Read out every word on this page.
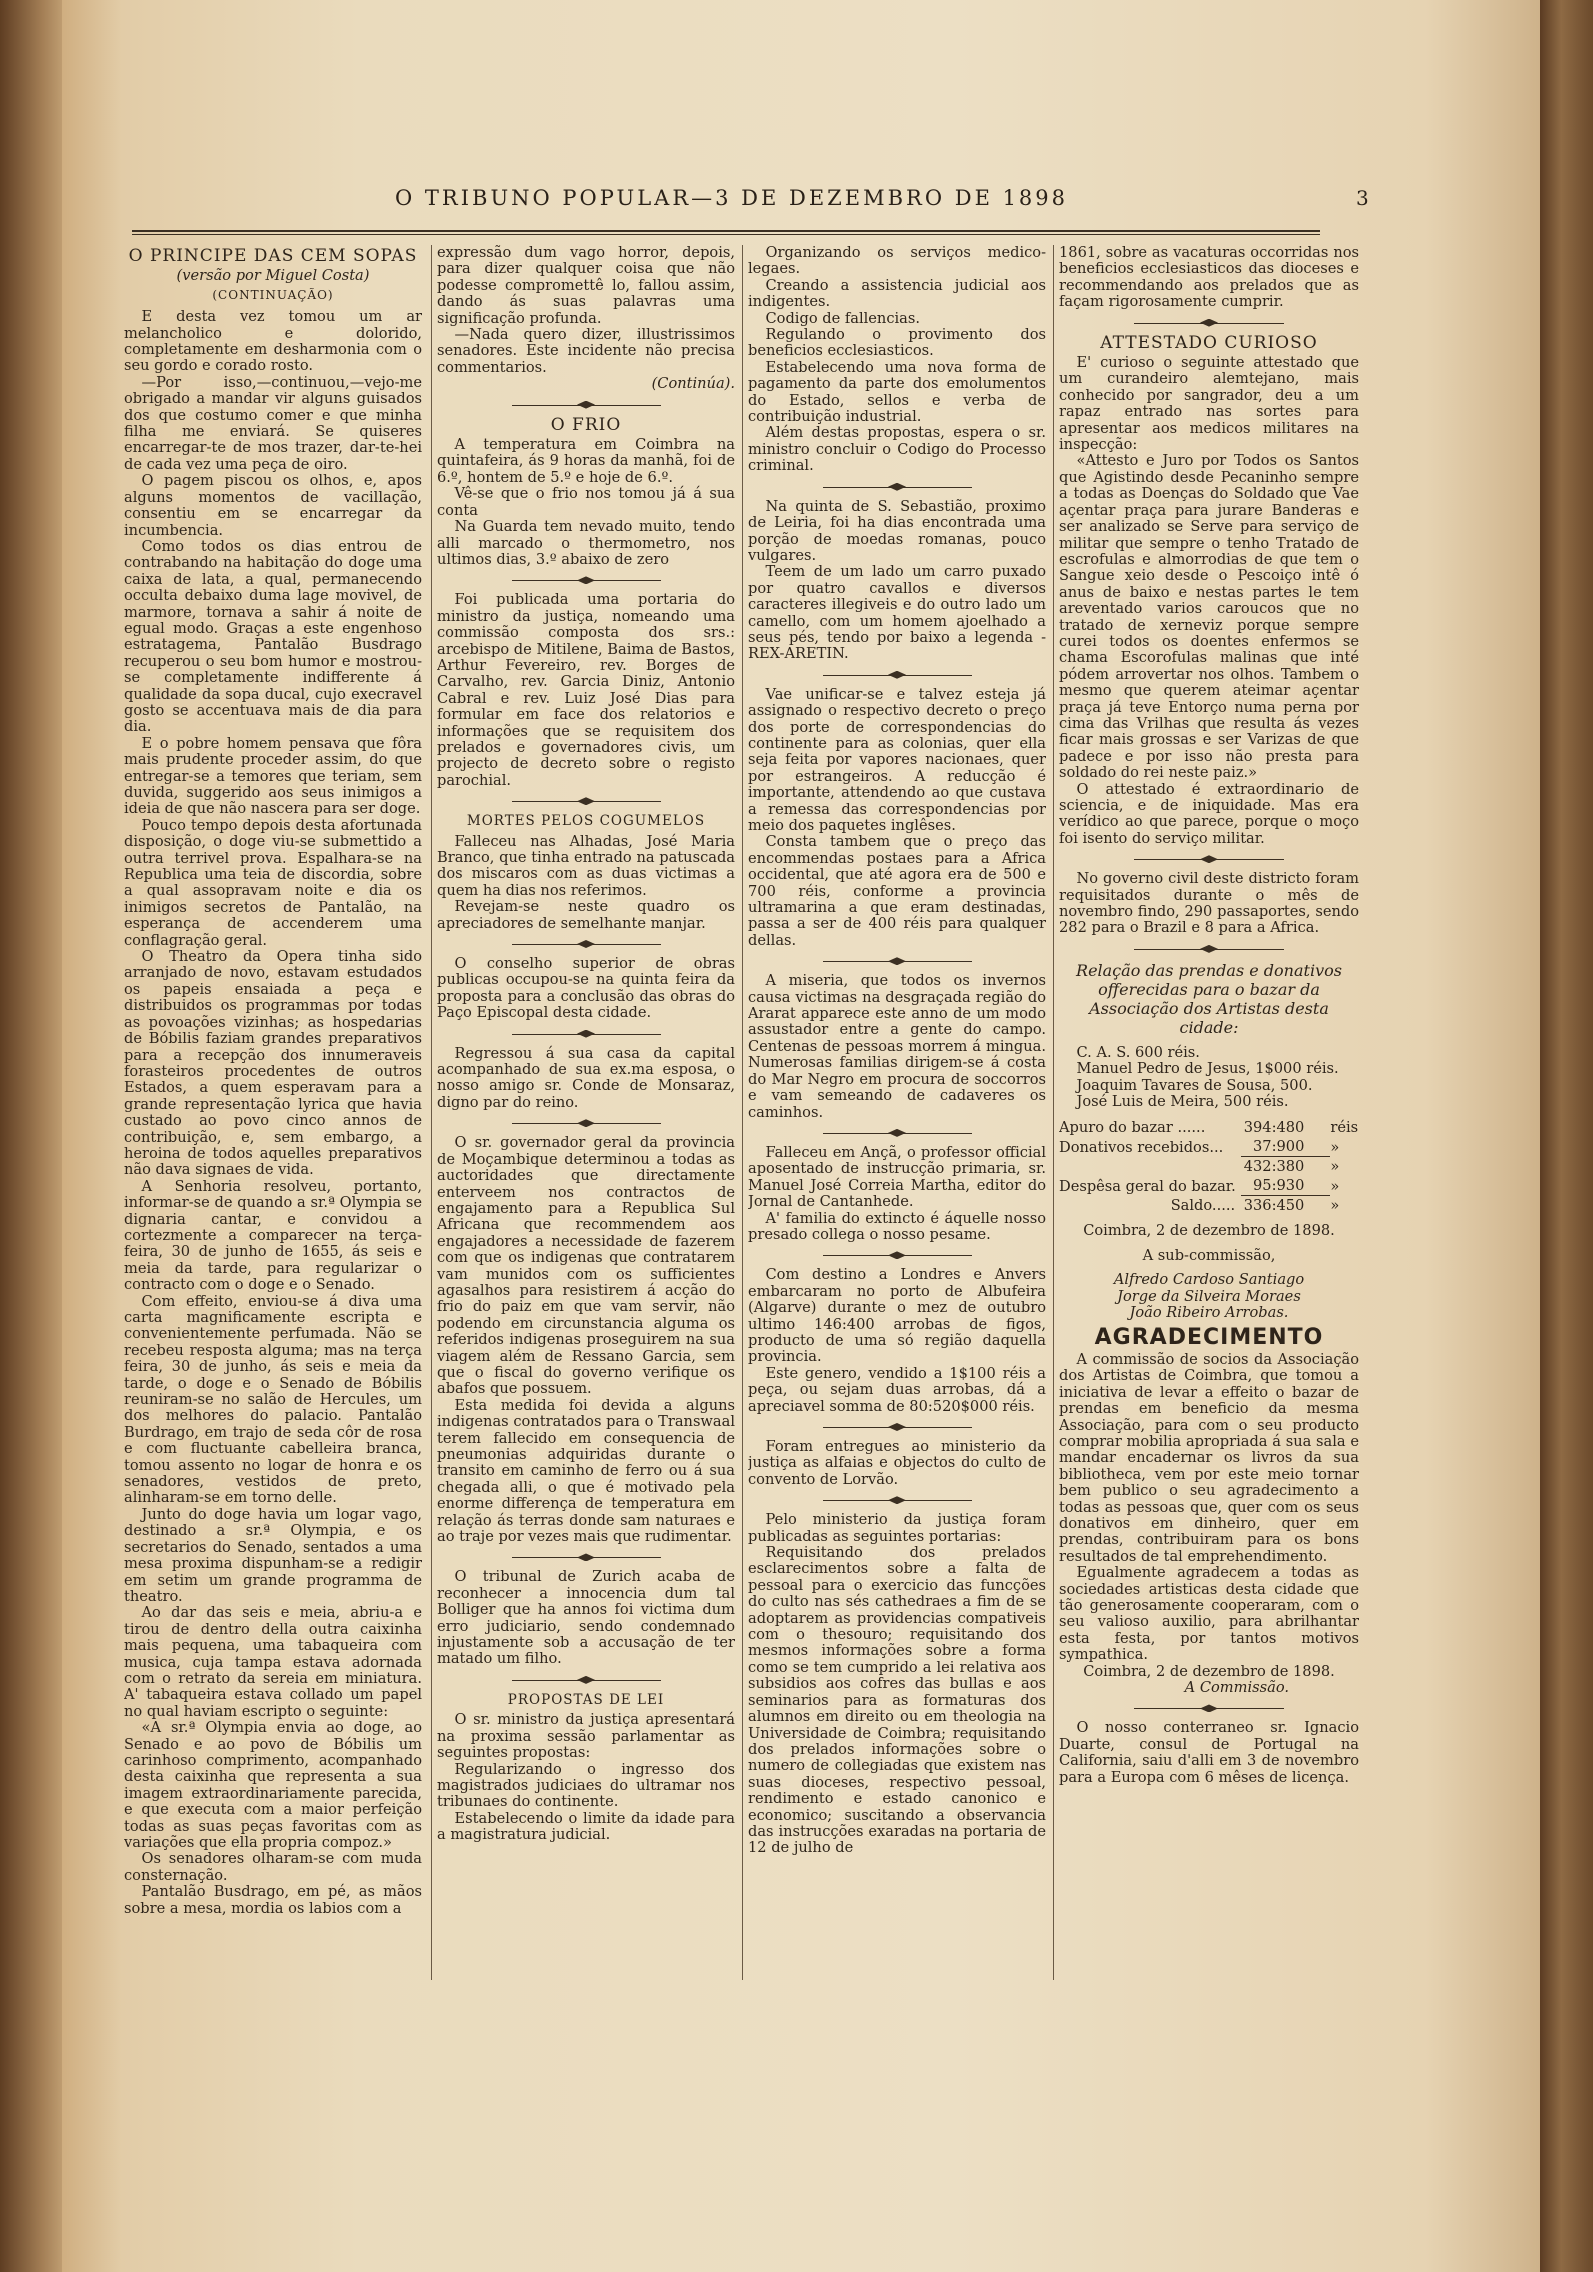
O TRIBUNO POPULAR—3 DE DEZEMBRO DE 1898	3
O PRINCIPE DAS CEM SOPAS
(versão por Miguel Costa)
(CONTINUAÇÃO)

E desta vez tomou um ar melancholico e dolorido, completamente em desharmonia com o seu gordo e corado rosto.

—Por isso,—continuou,—vejo-me obrigado a mandar vir alguns guisados dos que costumo comer e que minha filha me enviará. Se quiseres encarregar-te de mos trazer, dar-te-hei de cada vez uma peça de oiro.

O pagem piscou os olhos, e, apos alguns momentos de vacillação, consentiu em se encarregar da incumbencia.

Como todos os dias entrou de contrabando na habitação do doge uma caixa de lata, a qual, permanecendo occulta debaixo duma lage movivel, de marmore, tornava a sahir á noite de egual modo. Graças a este engenhoso estratagema, Pantalão Busdrago recuperou o seu bom humor e mostrou-se completamente indifferente á qualidade da sopa ducal, cujo execravel gosto se accentuava mais de dia para dia.

E o pobre homem pensava que fôra mais prudente proceder assim, do que entregar-se a temores que teriam, sem duvida, suggerido aos seus inimigos a ideia de que não nascera para ser doge.

Pouco tempo depois desta afortunada disposição, o doge viu-se submettido a outra terrivel prova. Espalhara-se na Republica uma teia de discordia, sobre a qual assopravam noite e dia os inimigos secretos de Pantalão, na esperança de accenderem uma conflagração geral.

O Theatro da Opera tinha sido arranjado de novo, estavam estudados os papeis ensaiada a peça e distribuidos os programmas por todas as povoações vizinhas; as hospedarias de Bóbilis faziam grandes preparativos para a recepção dos innumeraveis forasteiros procedentes de outros Estados, a quem esperavam para a grande representação lyrica que havia custado ao povo cinco annos de contribuição, e, sem embargo, a heroina de todos aquelles preparativos não dava signaes de vida.

A Senhoria resolveu, portanto, informar-se de quando a sr.ª Olympia se dignaria cantar, e convidou a cortezmente a comparecer na terça-feira, 30 de junho de 1655, ás seis e meia da tarde, para regularizar o contracto com o doge e o Senado.

Com effeito, enviou-se á diva uma carta magnificamente escripta e convenientemente perfumada. Não se recebeu resposta alguma; mas na terça feira, 30 de junho, ás seis e meia da tarde, o doge e o Senado de Bóbilis reuniram-se no salão de Hercules, um dos melhores do palacio. Pantalão Burdrago, em trajo de seda côr de rosa e com fluctuante cabelleira branca, tomou assento no logar de honra e os senadores, vestidos de preto, alinharam-se em torno delle.

Junto do doge havia um logar vago, destinado a sr.ª Olympia, e os secretarios do Senado, sentados a uma mesa proxima dispunham-se a redigir em setim um grande programma de theatro.

Ao dar das seis e meia, abriu-a e tirou de dentro della outra caixinha mais pequena, uma tabaqueira com musica, cuja tampa estava adornada com o retrato da sereia em miniatura. A' tabaqueira estava collado um papel no qual haviam escripto o seguinte:

«A sr.ª Olympia envia ao doge, ao Senado e ao povo de Bóbilis um carinhoso comprimento, acompanhado desta caixinha que representa a sua imagem extraordinariamente parecida, e que executa com a maior perfeição todas as suas peças favoritas com as variações que ella propria compoz.»

Os senadores olharam-se com muda consternação.

Pantalão Busdrago, em pé, as mãos sobre a mesa, mordia os labios com a

expressão dum vago horror, depois, para dizer qualquer coisa que não podesse compromettê lo, fallou assim, dando ás suas palavras uma significação profunda.

—Nada quero dizer, illustrissimos senadores. Este incidente não precisa commentarios.

(Continúa).

O FRIO

A temperatura em Coimbra na quintafeira, ás 9 horas da manhã, foi de 6.º, hontem de 5.º e hoje de 6.º.

Vê-se que o frio nos tomou já á sua conta

Na Guarda tem nevado muito, tendo alli marcado o thermometro, nos ultimos dias, 3.º abaixo de zero

Foi publicada uma portaria do ministro da justiça, nomeando uma commissão composta dos srs.: arcebispo de Mitilene, Baima de Bastos, Arthur Fevereiro, rev. Borges de Carvalho, rev. Garcia Diniz, Antonio Cabral e rev. Luiz José Dias para formular em face dos relatorios e informações que se requisitem dos prelados e governadores civis, um projecto de decreto sobre o registo parochial.

MORTES PELOS COGUMELOS

Falleceu nas Alhadas, José Maria Branco, que tinha entrado na patuscada dos miscaros com as duas victimas a quem ha dias nos referimos.

Revejam-se neste quadro os apreciadores de semelhante manjar.

O conselho superior de obras publicas occupou-se na quinta feira da proposta para a conclusão das obras do Paço Episcopal desta cidade.

Regressou á sua casa da capital acompanhado de sua ex.ma esposa, o nosso amigo sr. Conde de Monsaraz, digno par do reino.

O sr. governador geral da provincia de Moçambique determinou a todas as auctoridades que directamente enterveem nos contractos de engajamento para a Republica Sul Africana que recommendem aos engajadores a necessidade de fazerem com que os indigenas que contratarem vam munidos com os sufficientes agasalhos para resistirem á acção do frio do paiz em que vam servir, não podendo em circunstancia alguma os referidos indigenas proseguirem na sua viagem além de Ressano Garcia, sem que o fiscal do governo verifique os abafos que possuem.

Esta medida foi devida a alguns indigenas contratados para o Transwaal terem fallecido em consequencia de pneumonias adquiridas durante o transito em caminho de ferro ou á sua chegada alli, o que é motivado pela enorme differença de temperatura em relação ás terras donde sam naturaes e ao traje por vezes mais que rudimentar.

O tribunal de Zurich acaba de reconhecer a innocencia dum tal Bolliger que ha annos foi victima dum erro judiciario, sendo condemnado injustamente sob a accusação de ter matado um filho.

PROPOSTAS DE LEI

O sr. ministro da justiça apresentará na proxima sessão parlamentar as seguintes propostas:

Regularizando o ingresso dos magistrados judiciaes do ultramar nos tribunaes do continente.

Estabelecendo o limite da idade para a magistratura judicial.

Organizando os serviços medico-legaes.

Creando a assistencia judicial aos indigentes.

Codigo de fallencias.

Regulando o provimento dos beneficios ecclesiasticos.

Estabelecendo uma nova forma de pagamento da parte dos emolumentos do Estado, sellos e verba de contribuição industrial.

Além destas propostas, espera o sr. ministro concluir o Codigo do Processo criminal.

Na quinta de S. Sebastião, proximo de Leiria, foi ha dias encontrada uma porção de moedas romanas, pouco vulgares.

Teem de um lado um carro puxado por quatro cavallos e diversos caracteres illegiveis e do outro lado um camello, com um homem ajoelhado a seus pés, tendo por baixo a legenda - REX-ARETIN.

Vae unificar-se e talvez esteja já assignado o respectivo decreto o preço dos porte de correspondencias do continente para as colonias, quer ella seja feita por vapores nacionaes, quer por estrangeiros. A reducção é importante, attendendo ao que custava a remessa das correspondencias por meio dos paquetes inglêses.

Consta tambem que o preço das encommendas postaes para a Africa occidental, que até agora era de 500 e 700 réis, conforme a provincia ultramarina a que eram destinadas, passa a ser de 400 réis para qualquer dellas.

A miseria, que todos os invernos causa victimas na desgraçada região do Ararat apparece este anno de um modo assustador entre a gente do campo. Centenas de pessoas morrem á mingua. Numerosas familias dirigem-se á costa do Mar Negro em procura de soccorros e vam semeando de cadaveres os caminhos.

Falleceu em Ançã, o professor official aposentado de instrucção primaria, sr. Manuel José Correia Martha, editor do Jornal de Cantanhede.

A' familia do extincto é áquelle nosso presado collega o nosso pesame.

Com destino a Londres e Anvers embarcaram no porto de Albufeira (Algarve) durante o mez de outubro ultimo 146:400 arrobas de figos, producto de uma só região daquella provincia.

Este genero, vendido a 1$100 réis a peça, ou sejam duas arrobas, dá a apreciavel somma de 80:520$000 réis.

Foram entregues ao ministerio da justiça as alfaias e objectos do culto de convento de Lorvão.

Pelo ministerio da justiça foram publicadas as seguintes portarias:

Requisitando dos prelados esclarecimentos sobre a falta de pessoal para o exercicio das funcções do culto nas sés cathedraes a fim de se adoptarem as providencias compativeis com o thesouro; requisitando dos mesmos informações sobre a forma como se tem cumprido a lei relativa aos subsidios aos cofres das bullas e aos seminarios para as formaturas dos alumnos em direito ou em theologia na Universidade de Coimbra; requisitando dos prelados informações sobre o numero de collegiadas que existem nas suas dioceses, respectivo pessoal, rendimento e estado canonico e economico; suscitando a observancia das instrucções exaradas na portaria de 12 de julho de

1861, sobre as vacaturas occorridas nos beneficios ecclesiasticos das dioceses e recommendando aos prelados que as façam rigorosamente cumprir.

ATTESTADO CURIOSO

E' curioso o seguinte attestado que um curandeiro alemtejano, mais conhecido por sangrador, deu a um rapaz entrado nas sortes para apresentar aos medicos militares na inspecção:

«Attesto e Juro por Todos os Santos que Agistindo desde Pecaninho sempre a todas as Doenças do Soldado que Vae açentar praça para jurare Banderas e ser analizado se Serve para serviço de militar que sempre o tenho Tratado de escrofulas e almorrodias de que tem o Sangue xeio desde o Pescoiço intê ó anus de baixo e nestas partes le tem areventado varios caroucos que no tratado de xerneviz porque sempre curei todos os doentes enfermos se chama Escorofulas malinas que inté pódem arrovertar nos olhos. Tambem o mesmo que querem ateimar açentar praça já teve Entorço numa perna por cima das Vrilhas que resulta ás vezes ficar mais grossas e ser Varizas de que padece e por isso não presta para soldado do rei neste paiz.»

O attestado é extraordinario de sciencia, e de iniquidade. Mas era verídico ao que parece, porque o moço foi isento do serviço militar.

No governo civil deste districto foram requisitados durante o mês de novembro findo, 290 passaportes, sendo 282 para o Brazil e 8 para a Africa.

Relação das prendas e donativos offerecidas para o bazar da Associação dos Artistas desta cidade:

C. A. S. 600 réis.

Manuel Pedro de Jesus, 1$000 réis.

Joaquim Tavares de Sousa, 500.

José Luis de Meira, 500 réis.

Apuro do bazar ......	394:480	réis
Donativos recebidos...	37:900	»
	432:380	»
Despêsa geral do bazar.	95:930	»
Saldo.....	336:450	»

Coimbra, 2 de dezembro de 1898.

A sub-commissão,

Alfredo Cardoso Santiago

Jorge da Silveira Moraes

João Ribeiro Arrobas.

AGRADECIMENTO

A commissão de socios da Associação dos Artistas de Coimbra, que tomou a iniciativa de levar a effeito o bazar de prendas em beneficio da mesma Associação, para com o seu producto comprar mobilia apropriada á sua sala e mandar encadernar os livros da sua bibliotheca, vem por este meio tornar bem publico o seu agradecimento a todas as pessoas que, quer com os seus donativos em dinheiro, quer em prendas, contribuiram para os bons resultados de tal emprehendimento.

Egualmente agradecem a todas as sociedades artisticas desta cidade que tão generosamente cooperaram, com o seu valioso auxilio, para abrilhantar esta festa, por tantos motivos sympathica.

Coimbra, 2 de dezembro de 1898.

A Commissão.

O nosso conterraneo sr. Ignacio Duarte, consul de Portugal na California, saiu d'alli em 3 de novembro para a Europa com 6 mêses de licença.
